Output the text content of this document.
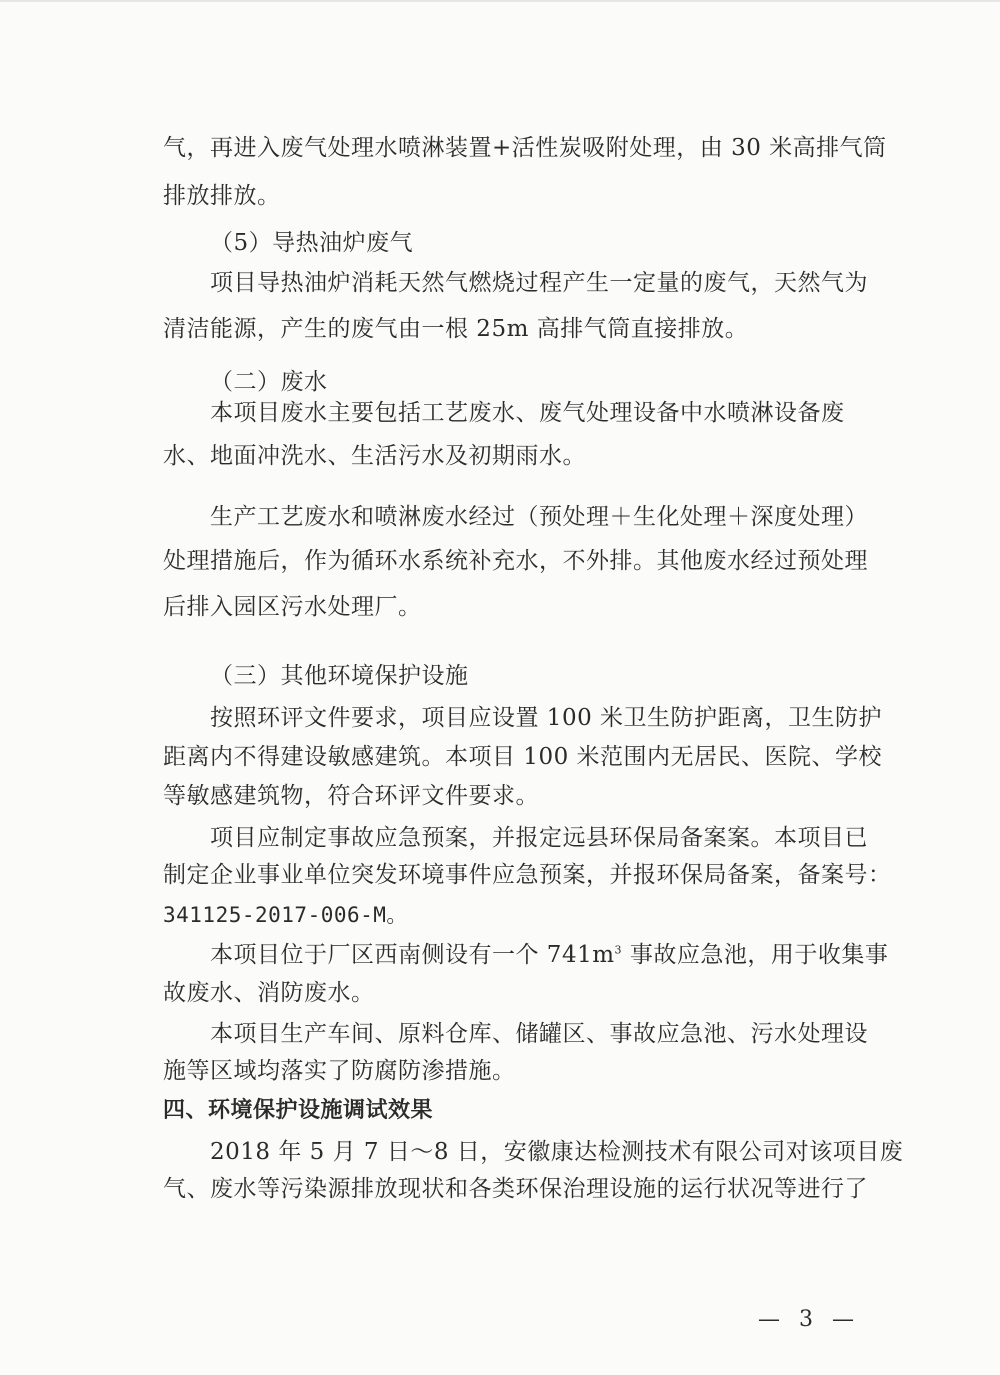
气，再进入废气处理水喷淋装置+活性炭吸附处理，由 30 米高排气筒
排放排放。
（5）导热油炉废气
项目导热油炉消耗天然气燃烧过程产生一定量的废气，天然气为
清洁能源，产生的废气由一根 25m 高排气筒直接排放。
（二）废水
本项目废水主要包括工艺废水、废气处理设备中水喷淋设备废
水、地面冲洗水、生活污水及初期雨水。
生产工艺废水和喷淋废水经过（预处理＋生化处理＋深度处理）
处理措施后，作为循环水系统补充水，不外排。其他废水经过预处理
后排入园区污水处理厂。
（三）其他环境保护设施
按照环评文件要求，项目应设置 100 米卫生防护距离，卫生防护
距离内不得建设敏感建筑。本项目 100 米范围内无居民、医院、学校
等敏感建筑物，符合环评文件要求。
项目应制定事故应急预案，并报定远县环保局备案案。本项目已
制定企业事业单位突发环境事件应急预案，并报环保局备案，备案号：
341125-2017-006-M。
本项目位于厂区西南侧设有一个 $741m^3$ 事故应急池，用于收集事
故废水、消防废水。
本项目生产车间、原料仓库、储罐区、事故应急池、污水处理设
施等区域均落实了防腐防渗措施。
四、环境保护设施调试效果
2018 年 5 月 7 日～8 日，安徽康达检测技术有限公司对该项目废
气、废水等污染源排放现状和各类环保治理设施的运行状况等进行了
— 3 —
